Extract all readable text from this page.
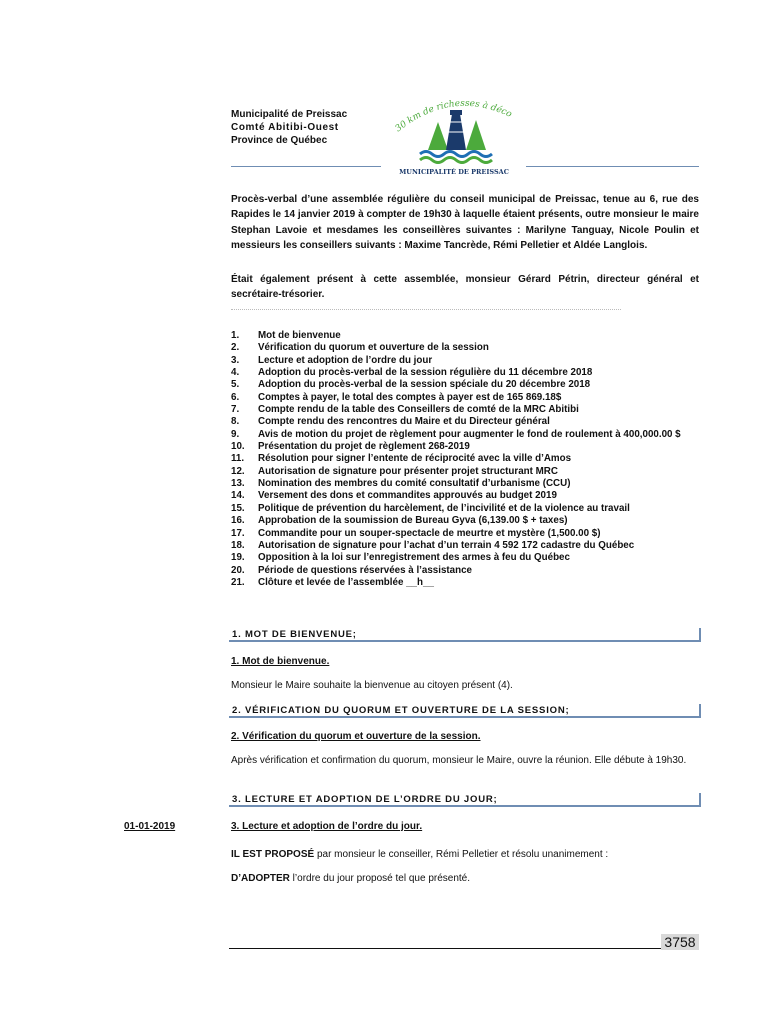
Municipalité de Preissac
Comté Abitibi-Ouest
Province de Québec
30 km de richesses à déco
MUNICIPALITÉ DE PREISSAC
Procès-verbal d’une assemblée régulière du conseil municipal de Preissac, tenue au 6, rue des Rapides le 14 janvier 2019 à compter de 19h30 à laquelle étaient présents, outre monsieur le maire Stephan Lavoie et mesdames les conseillères suivantes : Marilyne Tanguay, Nicole Poulin et messieurs les conseillers suivants : Maxime Tancrède, Rémi Pelletier et Aldée Langlois.
Était également présent à cette assemblée, monsieur Gérard Pétrin, directeur général et secrétaire-trésorier.
1.	Mot de bienvenue
2.	Vérification du quorum et ouverture de la session
3.	Lecture et adoption de l’ordre du jour
4.	Adoption du procès-verbal de la session régulière du 11 décembre 2018
5.	Adoption du procès-verbal de la session spéciale du 20 décembre 2018
6.	Comptes à payer, le total des comptes à payer est de 165 869.18$
7.	Compte rendu de la table des Conseillers de comté de la MRC Abitibi
8.	Compte rendu des rencontres du Maire et du Directeur général
9.	Avis de motion du projet de règlement pour augmenter le fond de roulement à 400,000.00 $
10.	Présentation du projet de règlement 268-2019
11.	Résolution pour signer l’entente de réciprocité avec la ville d’Amos
12.	Autorisation de signature pour présenter projet structurant MRC
13.	Nomination des membres du comité consultatif d’urbanisme (CCU)
14.	Versement des dons et commandites approuvés au budget 2019
15.	Politique de prévention du harcèlement, de l’incivilité et de la violence au travail
16.	Approbation de la soumission de Bureau Gyva (6,139.00 $ + taxes)
17.	Commandite pour un souper-spectacle de meurtre et mystère (1,500.00 $)
18.	Autorisation de signature pour l’achat d’un terrain 4 592 172 cadastre du Québec
19.	Opposition à la loi sur l’enregistrement des armes à feu du Québec
20.	Période de questions réservées à l’assistance
21.	Clôture et levée de l’assemblée __h__
1. MOT DE BIENVENUE;
1. Mot de bienvenue.
Monsieur le Maire souhaite la bienvenue au citoyen présent (4).
2. VÉRIFICATION DU QUORUM ET OUVERTURE DE LA SESSION;
2. Vérification du quorum et ouverture de la session.
Après vérification et confirmation du quorum, monsieur le Maire, ouvre la réunion. Elle débute à 19h30.
3. LECTURE ET ADOPTION DE L’ORDRE DU JOUR;
01-01-2019	3. Lecture et adoption de l’ordre du jour.
IL EST PROPOSÉ par monsieur le conseiller, Rémi Pelletier et résolu unanimement :
D’ADOPTER l’ordre du jour proposé tel que présenté.
3758
